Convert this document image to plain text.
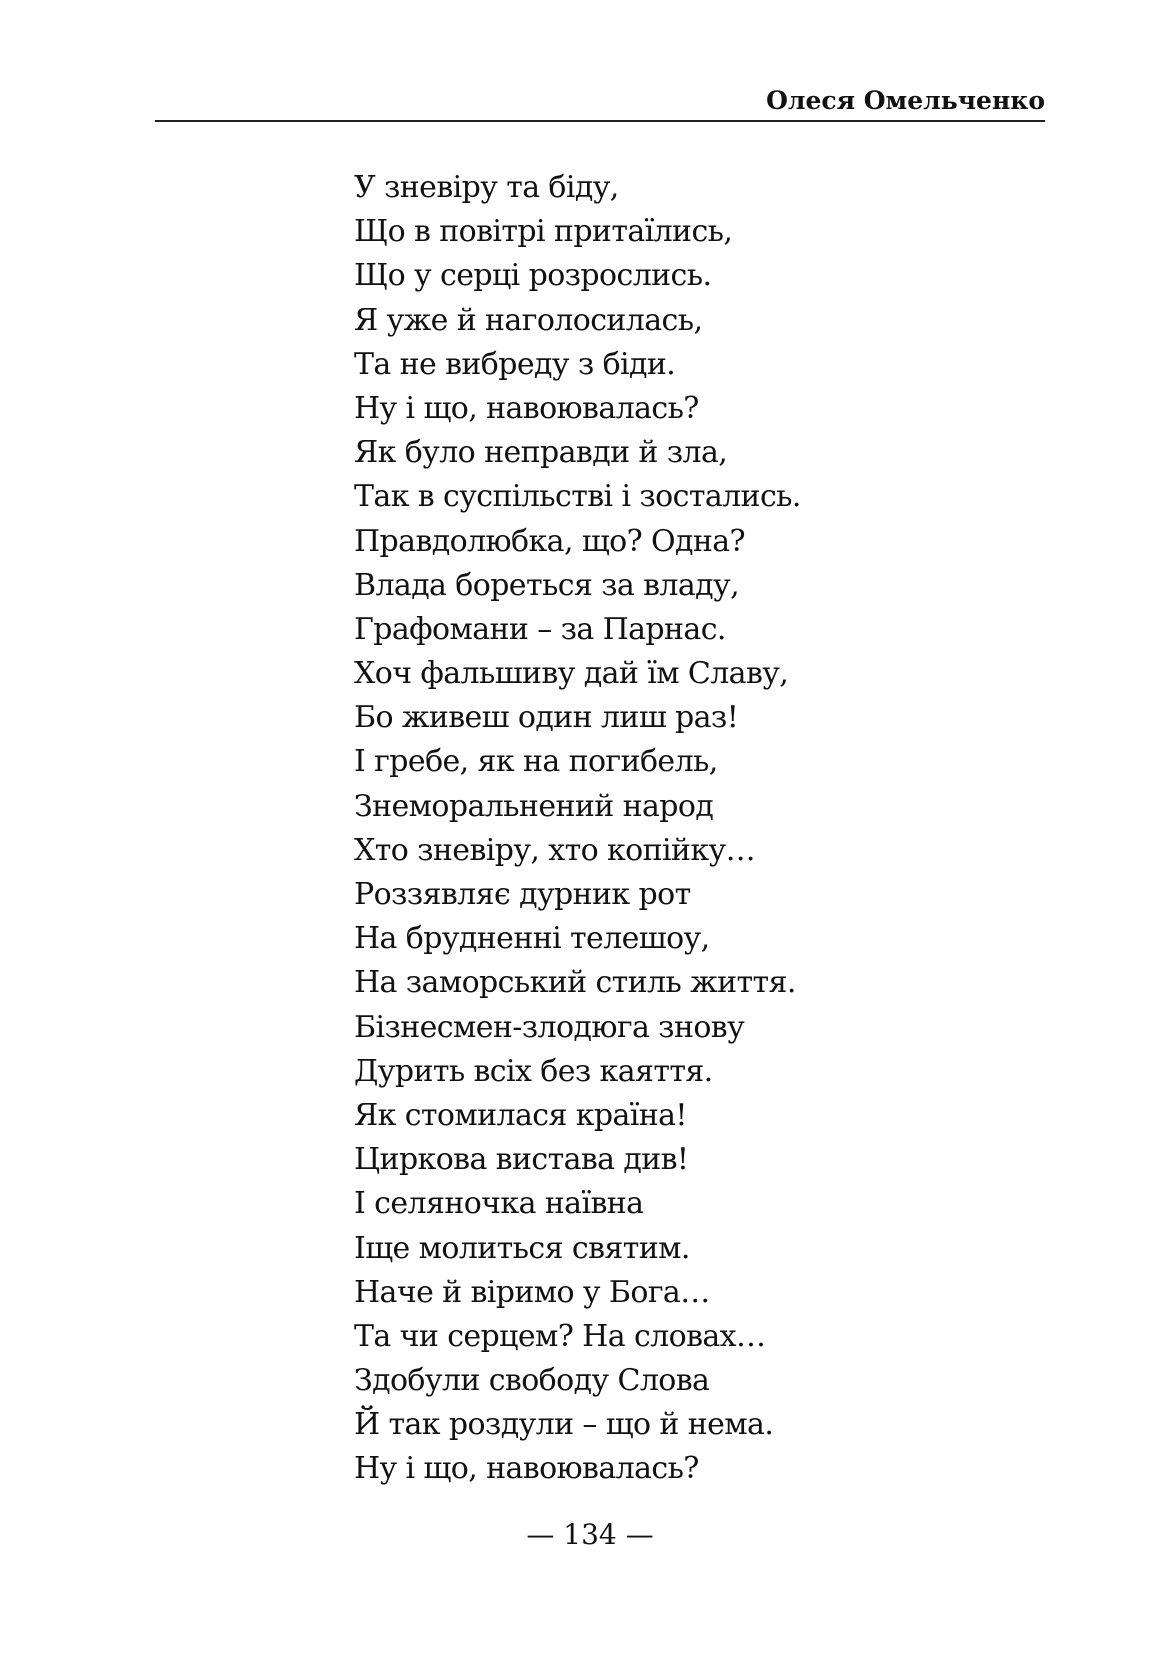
Олеся Омельченко
У зневіру та біду,
Що в повітрі притаїлись,
Що у серці розрослись.
Я уже й наголосилась,
Та не вибреду з біди.
Ну і що, навоювалась?
Як було неправди й зла,
Так в суспільстві і зостались.
Правдолюбка, що? Одна?
Влада бореться за владу,
Графомани – за Парнас.
Хоч фальшиву дай їм Славу,
Бо живеш один лиш раз!
І гребе, як на погибель,
Знеморальнений народ
Хто зневіру, хто копійку…
Роззявляє дурник рот
На брудненні телешоу,
На заморський стиль життя.
Бізнесмен-злодюга знову
Дурить всіх без каяття.
Як стомилася країна!
Циркова вистава див!
І селяночка наївна
Іще молиться святим.
Наче й віримо у Бога…
Та чи серцем? На словах…
Здобули свободу Слова
Й так роздули – що й нема.
Ну і що, навоювалась?
— 134 —
